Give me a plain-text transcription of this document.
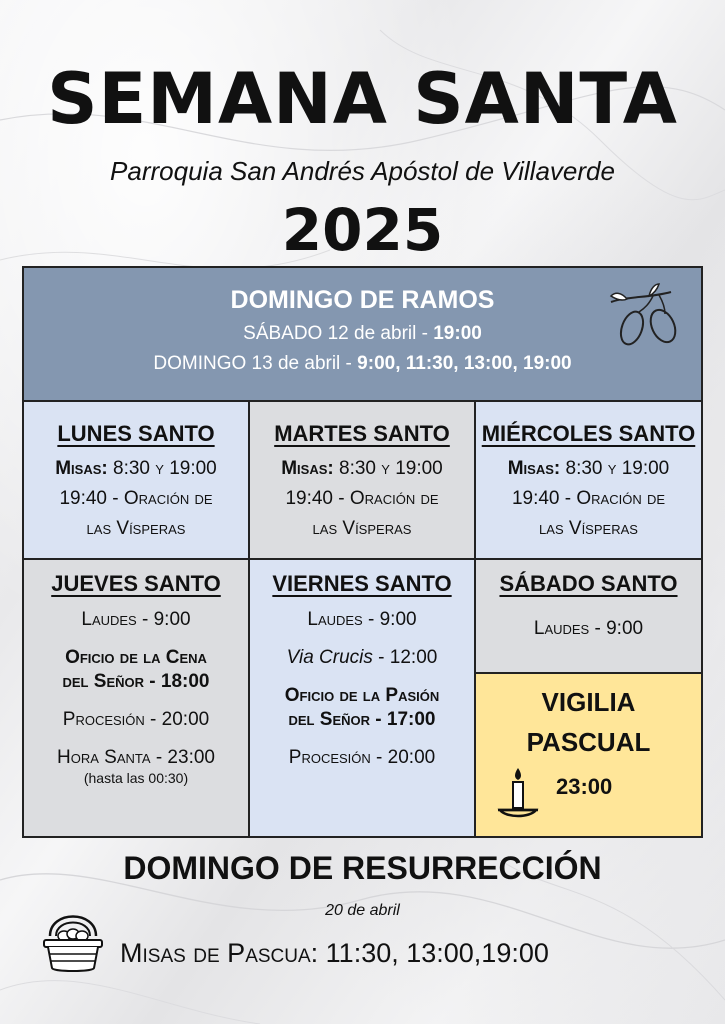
SEMANA SANTA
Parroquia San Andrés Apóstol de Villaverde
2025
DOMINGO DE RAMOS
SÁBADO 12 de abril - 19:00
DOMINGO 13 de abril - 9:00, 11:30, 13:00, 19:00
LUNES SANTO
Misas: 8:30 y 19:00
19:40 - Oración de
las Vísperas
MARTES SANTO
Misas: 8:30 y 19:00
19:40 - Oración de
las Vísperas
MIÉRCOLES SANTO
Misas: 8:30 y 19:00
19:40 - Oración de
las Vísperas
JUEVES SANTO

Laudes - 9:00

Oficio de la Cena
del Señor - 18:00

Procesión - 20:00

Hora Santa - 23:00

(hasta las 00:30)

VIERNES SANTO

Laudes - 9:00

Via Crucis - 12:00

Oficio de la Pasión
del Señor - 17:00

Procesión - 20:00

SÁBADO SANTO
Laudes - 9:00
VIGILIA
PASCUAL
23:00
DOMINGO DE RESURRECCIÓN
20 de abril
Misas de Pascua: 11:30, 13:00,19:00
